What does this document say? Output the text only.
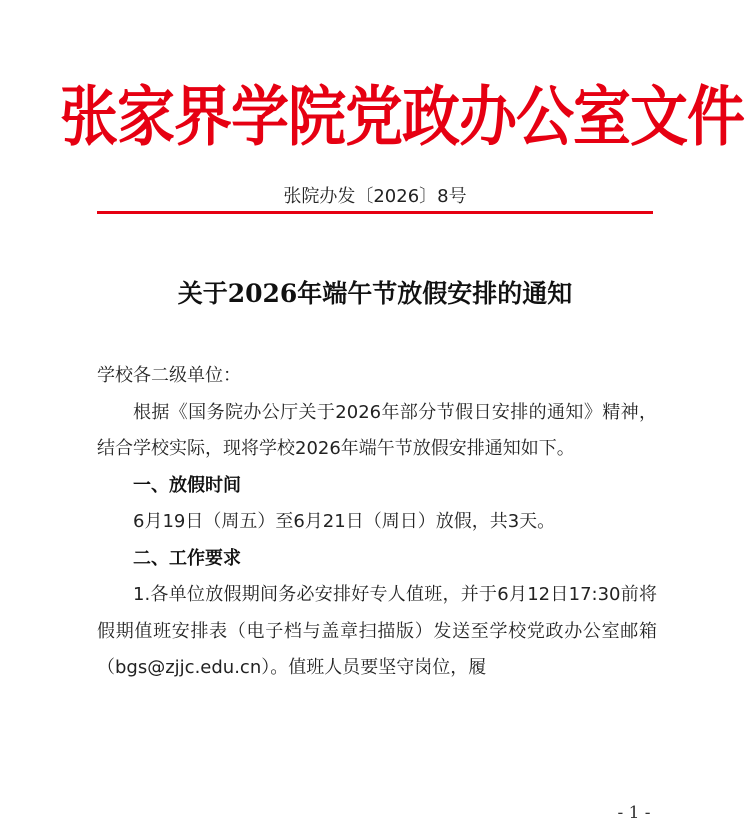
张家界学院党政办公室文件
张院办发〔2026〕8号
关于2026年端午节放假安排的通知

学校各二级单位：

根据《国务院办公厅关于2026年部分节假日安排的通知》精神，结合学校实际，现将学校2026年端午节放假安排通知如下。

一、放假时间

6月19日（周五）至6月21日（周日）放假，共3天。

二、工作要求

1.各单位放假期间务必安排好专人值班，并于6月12日17:30前将假期值班安排表（电子档与盖章扫描版）发送至学校党政办公室邮箱（bgs@zjjc.edu.cn）。值班人员要坚守岗位，履

- 1 -
